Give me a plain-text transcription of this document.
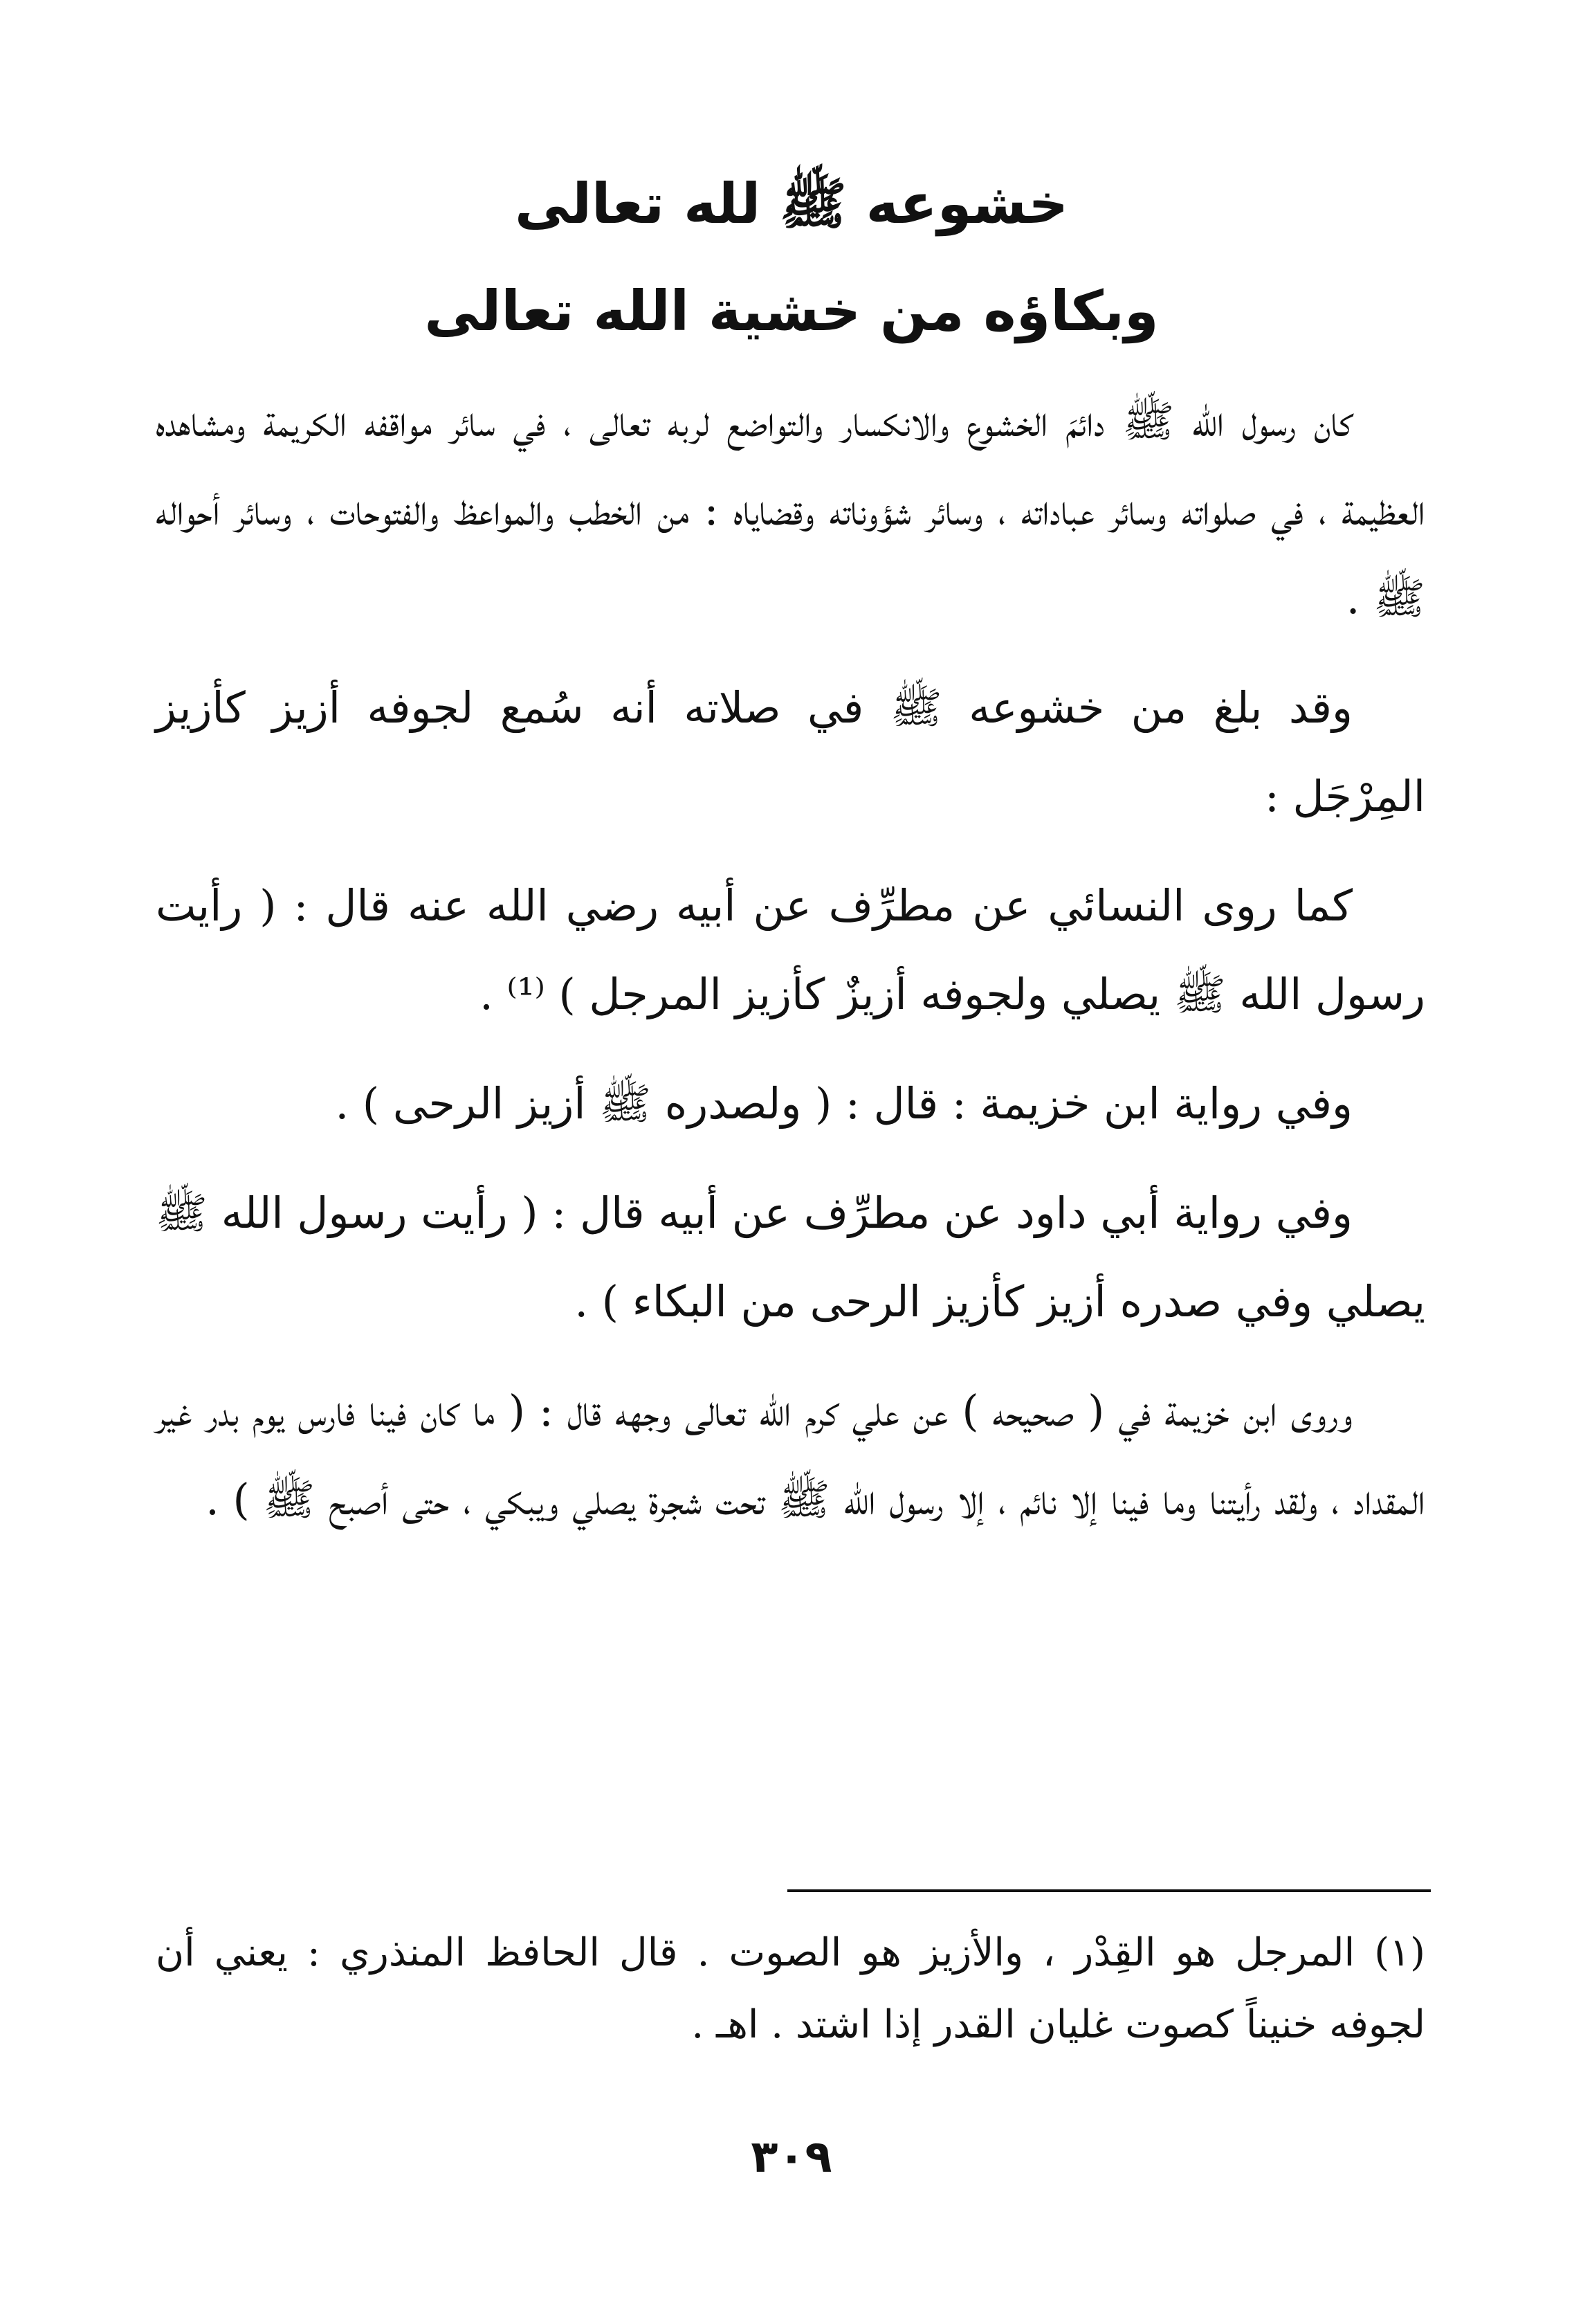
خشوعه ﷺ لله تعالى
وبكاؤه من خشية الله تعالى

كان رسول الله ﷺ دائمَ الخشوع والانكسار والتواضع لربه تعالى ، في سائر مواقفه الكريمة ومشاهده العظيمة ، في صلواته وسائر عباداته ، وسائر شؤوناته وقضاياه : من الخطب والمواعظ والفتوحات ، وسائر أحواله ﷺ .

وقد بلغ من خشوعه ﷺ في صلاته أنه سُمع لجوفه أزيز كأزيز المِرْجَل :

كما روى النسائي عن مطرِّف عن أبيه رضي الله عنه قال : ( رأيت رسول الله ﷺ يصلي ولجوفه أزيزٌ كأزيز المرجل ) ⁽¹⁾ .

وفي رواية ابن خزيمة : قال : ( ولصدره ﷺ أزيز الرحى ) .

وفي رواية أبي داود عن مطرِّف عن أبيه قال : ( رأيت رسول الله ﷺ يصلي وفي صدره أزيز كأزيز الرحى من البكاء ) .

وروى ابن خزيمة في ( صحيحه ) عن علي كرم الله تعالى وجهه قال : ( ما كان فينا فارس يوم بدر غير المقداد ، ولقد رأيتنا وما فينا إلا نائم ، إلا رسول الله ﷺ تحت شجرة يصلي ويبكي ، حتى أصبح ﷺ ) .

(١) المرجل هو القِدْر ، والأزيز هو الصوت . قال الحافظ المنذري : يعني أن لجوفه خنيناً كصوت غليان القدر إذا اشتد . اهـ .

٣٠٩
